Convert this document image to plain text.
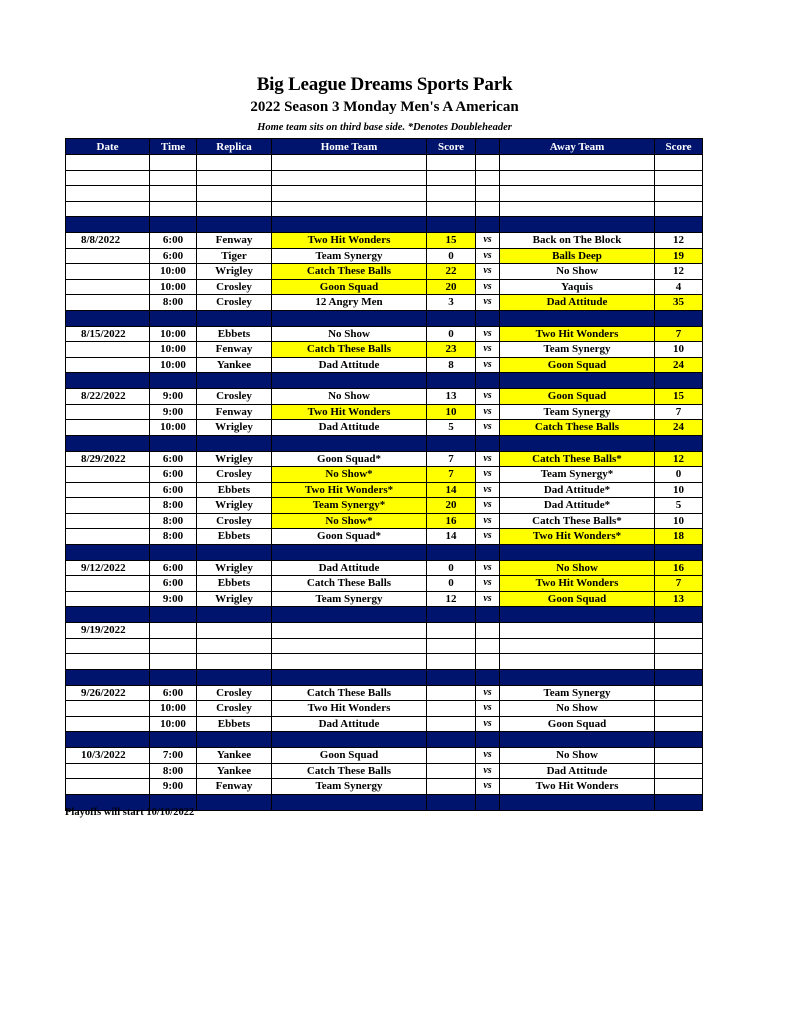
Big League Dreams Sports Park
2022 Season 3 Monday Men's A American
Home team sits on third base side. *Denotes Doubleheader
Date	Time	Replica	Home Team	Score		Away Team	Score

8/8/2022	6:00	Fenway	Two Hit Wonders	15	vs	Back on The Block	12
	6:00	Tiger	Team Synergy	0	vs	Balls Deep	19
	10:00	Wrigley	Catch These Balls	22	vs	No Show	12
	10:00	Crosley	Goon Squad	20	vs	Yaquis	4
	8:00	Crosley	12 Angry Men	3	vs	Dad Attitude	35

8/15/2022	10:00	Ebbets	No Show	0	vs	Two Hit Wonders	7
	10:00	Fenway	Catch These Balls	23	vs	Team Synergy	10
	10:00	Yankee	Dad Attitude	8	vs	Goon Squad	24

8/22/2022	9:00	Crosley	No Show	13	vs	Goon Squad	15
	9:00	Fenway	Two Hit Wonders	10	vs	Team Synergy	7
	10:00	Wrigley	Dad Attitude	5	vs	Catch These Balls	24

8/29/2022	6:00	Wrigley	Goon Squad*	7	vs	Catch These Balls*	12
	6:00	Crosley	No Show*	7	vs	Team Synergy*	0
	6:00	Ebbets	Two Hit Wonders*	14	vs	Dad Attitude*	10
	8:00	Wrigley	Team Synergy*	20	vs	Dad Attitude*	5
	8:00	Crosley	No Show*	16	vs	Catch These Balls*	10
	8:00	Ebbets	Goon Squad*	14	vs	Two Hit Wonders*	18

9/12/2022	6:00	Wrigley	Dad Attitude	0	vs	No Show	16
	6:00	Ebbets	Catch These Balls	0	vs	Two Hit Wonders	7
	9:00	Wrigley	Team Synergy	12	vs	Goon Squad	13

9/19/2022							

9/26/2022	6:00	Crosley	Catch These Balls		vs	Team Synergy	
	10:00	Crosley	Two Hit Wonders		vs	No Show	
	10:00	Ebbets	Dad Attitude		vs	Goon Squad	

10/3/2022	7:00	Yankee	Goon Squad		vs	No Show	
	8:00	Yankee	Catch These Balls		vs	Dad Attitude	
	9:00	Fenway	Team Synergy		vs	Two Hit Wonders	

Playoffs will start 10/10/2022
